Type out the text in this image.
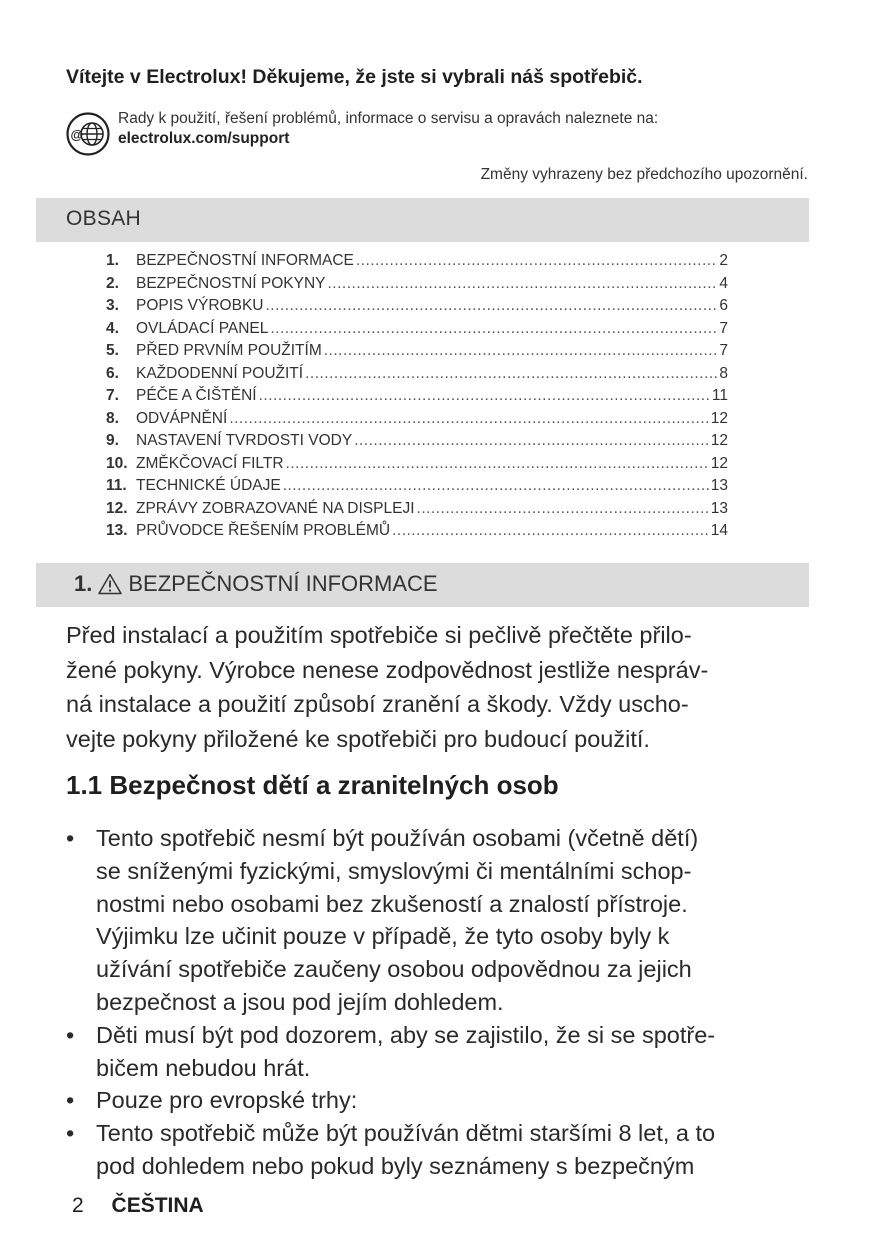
Vítejte v Electrolux! Děkujeme, že jste si vybrali náš spotřebič.
@
Rady k použití, řešení problémů, informace o servisu a opravách naleznete na:
electrolux.com/support
Změny vyhrazeny bez předchozího upozornění.
OBSAH
1.	BEZPEČNOSTNÍ INFORMACE .....	2
2.	BEZPEČNOSTNÍ POKYNY .....	4
3.	POPIS VÝROBKU .....	6
4.	OVLÁDACÍ PANEL .....	7
5.	PŘED PRVNÍM POUŽITÍM .....	7
6.	KAŽDODENNÍ POUŽITÍ .....	8
7.	PÉČE A ČIŠTĚNÍ .....	11
8.	ODVÁPNĚNÍ .....	12
9.	NASTAVENÍ TVRDOSTI VODY .....	12
10. ZMĚKČOVACÍ FILTR .....	12
11. TECHNICKÉ ÚDAJE .....	13
12. ZPRÁVY ZOBRAZOVANÉ NA DISPLEJI .....	13
13. PRŮVODCE ŘEŠENÍM PROBLÉMŮ .....	14
1. BEZPEČNOSTNÍ INFORMACE
Před instalací a použitím spotřebiče si pečlivě přečtěte přilo-
žené pokyny. Výrobce nenese zodpovědnost jestliže nespráv-
ná instalace a použití způsobí zranění a škody. Vždy uscho-
vejte pokyny přiložené ke spotřebiči pro budoucí použití.
1.1 Bezpečnost dětí a zranitelných osob
• Tento spotřebič nesmí být používán osobami (včetně dětí)
se sníženými fyzickými, smyslovými či mentálními schop-
nostmi nebo osobami bez zkušeností a znalostí přístroje.
Výjimku lze učinit pouze v případě, že tyto osoby byly k
užívání spotřebiče zaučeny osobou odpovědnou za jejich
bezpečnost a jsou pod jejím dohledem.
• Děti musí být pod dozorem, aby se zajistilo, že si se spotře-
bičem nebudou hrát.
• Pouze pro evropské trhy:
• Tento spotřebič může být používán dětmi staršími 8 let, a to
pod dohledem nebo pokud byly seznámeny s bezpečným
2 ČEŠTINA
